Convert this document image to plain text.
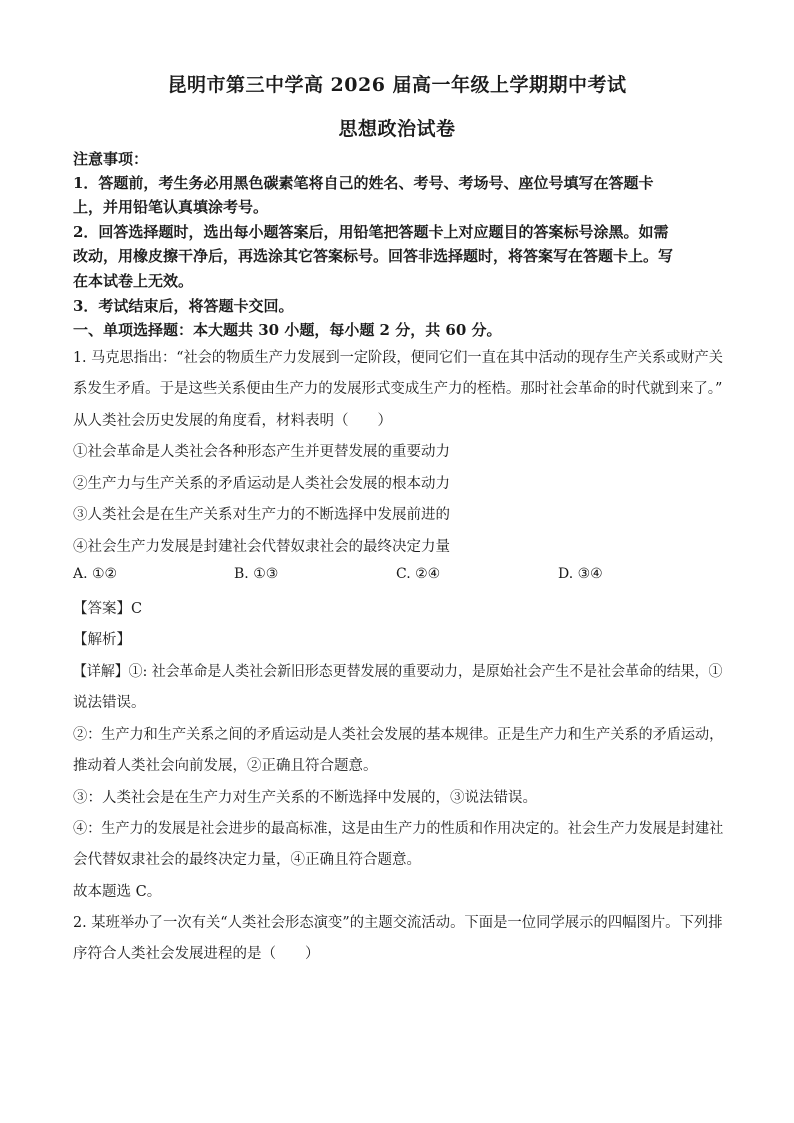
昆明市第三中学高 2026 届高一年级上学期期中考试
思想政治试卷
注意事项：
1．答题前，考生务必用黑色碳素笔将自己的姓名、考号、考场号、座位号填写在答题卡
上，并用铅笔认真填涂考号。
2．回答选择题时，选出每小题答案后，用铅笔把答题卡上对应题目的答案标号涂黑。如需
改动，用橡皮擦干净后，再选涂其它答案标号。回答非选择题时，将答案写在答题卡上。写
在本试卷上无效。
3．考试结束后，将答题卡交回。
一、单项选择题：本大题共 30 小题，每小题 2 分，共 60 分。
1. 马克思指出：“社会的物质生产力发展到一定阶段，便同它们一直在其中活动的现存生产关系或财产关
系发生矛盾。于是这些关系便由生产力的发展形式变成生产力的桎梏。那时社会革命的时代就到来了。”
从人类社会历史发展的角度看，材料表明（　　）
①社会革命是人类社会各种形态产生并更替发展的重要动力
②生产力与生产关系的矛盾运动是人类社会发展的根本动力
③人类社会是在生产关系对生产力的不断选择中发展前进的
④社会生产力发展是封建社会代替奴隶社会的最终决定力量
A. ①②	B. ①③	C. ②④	D. ③④
【答案】C
【解析】
【详解】①: 社会革命是人类社会新旧形态更替发展的重要动力，是原始社会产生不是社会革命的结果，①
说法错误。
②：生产力和生产关系之间的矛盾运动是人类社会发展的基本规律。正是生产力和生产关系的矛盾运动，
推动着人类社会向前发展，②正确且符合题意。
③：人类社会是在生产力对生产关系的不断选择中发展的，③说法错误。
④：生产力的发展是社会进步的最高标准，这是由生产力的性质和作用决定的。社会生产力发展是封建社
会代替奴隶社会的最终决定力量，④正确且符合题意。
故本题选 C。
2. 某班举办了一次有关“人类社会形态演变”的主题交流活动。下面是一位同学展示的四幅图片。下列排
序符合人类社会发展进程的是（　　）
